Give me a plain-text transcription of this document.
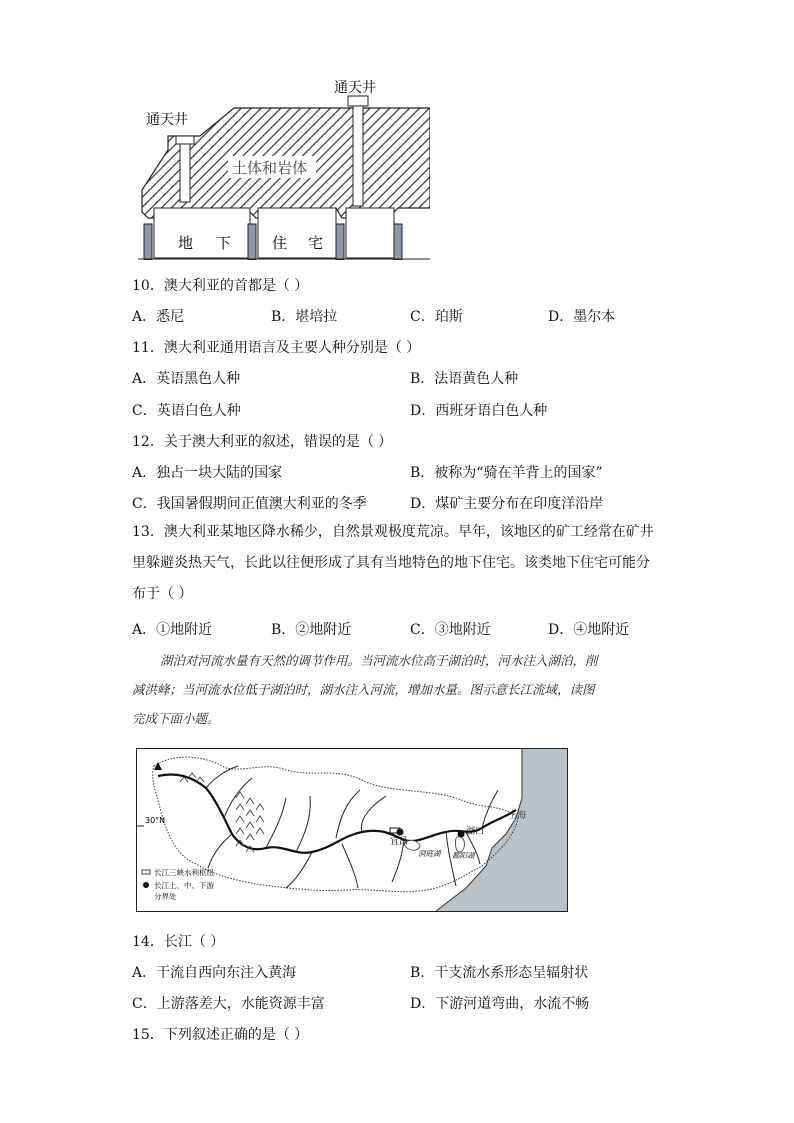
土体和岩体
通天井
通天井
地 下	住 宅
10．澳大利亚的首都是（ ）
A．悉尼	B．堪培拉	C．珀斯	D．墨尔本
11．澳大利亚通用语言及主要人种分别是（ ）
A．英语黑色人种	B．法语黄色人种
C．英语白色人种	D．西班牙语白色人种
12．关于澳大利亚的叙述，错误的是（ ）
A．独占一块大陆的国家	B．被称为“骑在羊背上的国家”
C．我国暑假期间正值澳大利亚的冬季	D．煤矿主要分布在印度洋沿岸
13．澳大利亚某地区降水稀少，自然景观极度荒凉。早年，该地区的矿工经常在矿井
里躲避炎热天气，长此以往便形成了具有当地特色的地下住宅。该类地下住宅可能分
布于（ ）
A．①地附近	B．②地附近	C．③地附近	D．④地附近
湖泊对河流水量有天然的调节作用。当河流水位高于湖泊时，河水注入湖泊，削
减洪峰；当河流水位低于湖泊时，湖水注入河流，增加水量。图示意长江流域，读图
完成下面小题。
30°N
宜昌
湖口
上海
洞庭湖 鄱阳湖
长江三峡水利枢纽
长江上、中、下游
分界处
14．长江（ ）
A．干流自西向东注入黄海	B．干支流水系形态呈辐射状
C．上游落差大，水能资源丰富	D．下游河道弯曲，水流不畅
15．下列叙述正确的是（ ）
